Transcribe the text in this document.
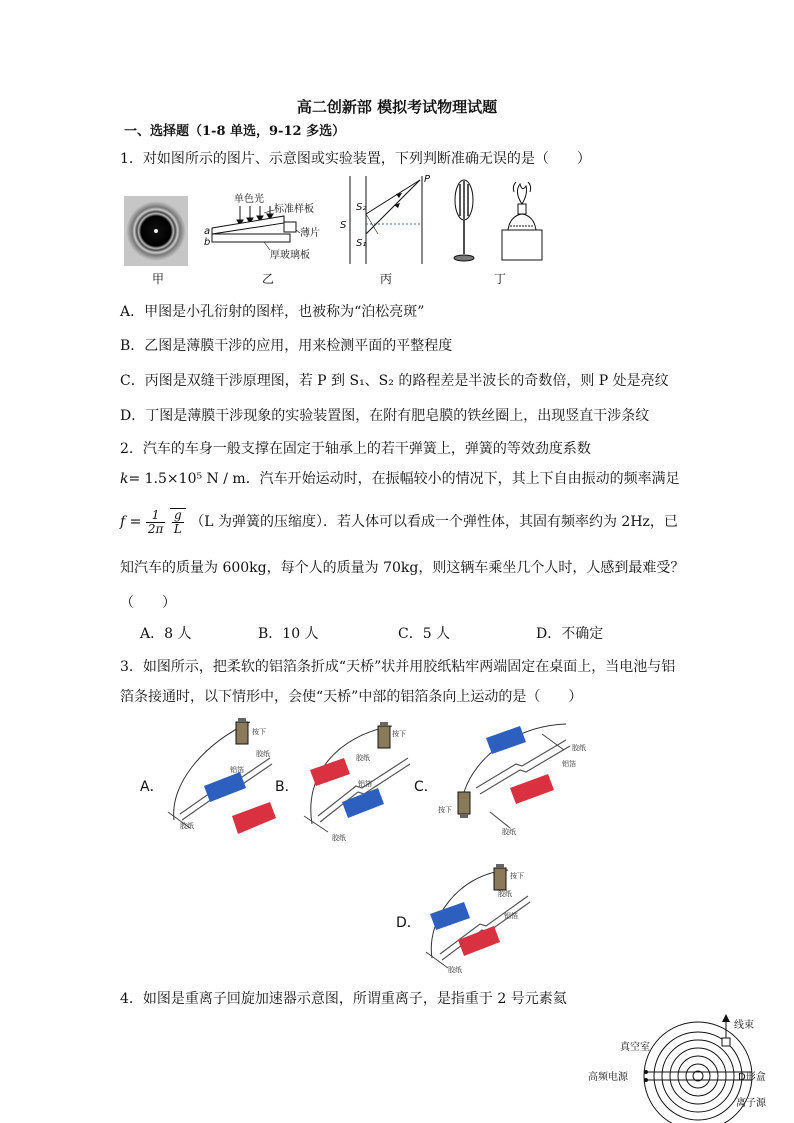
高二创新部 模拟考试物理试题
一、选择题（1-8 单选，9-12 多选）
1．对如图所示的图片、示意图或实验装置，下列判断准确无误的是（　　）
甲
单色光
标准样板
薄片
厚玻璃板
a
b
乙
P
S
S₂
S₁
丙	丁
A．甲图是小孔衍射的图样，也被称为“泊松亮斑”
B．乙图是薄膜干涉的应用，用来检测平面的平整程度
C．丙图是双缝干涉原理图，若 P 到 S₁、S₂ 的路程差是半波长的奇数倍，则 P 处是亮纹
D．丁图是薄膜干涉现象的实验装置图，在附有肥皂膜的铁丝圈上，出现竖直干涉条纹
2．汽车的车身一般支撑在固定于轴承上的若干弹簧上，弹簧的等效劲度系数
k= 1.5×10⁵ N / m．汽车开始运动时，在振幅较小的情况下，其上下自由振动的频率满足
$f = \frac{1}{2\pi}$
$\frac{g}{L} (L$ 为弹簧的压缩度）．若人体可以看成一个弹性体，其固有频率约为 2Hz，已
知汽车的质量为 600kg，每个人的质量为 70kg，则这辆车乘坐几个人时，人感到最难受？
（　　）
A．8 人	B．10 人	C．5 人	D．不确定
3．如图所示，把柔软的铝箔条折成“天桥”状并用胶纸粘牢两端固定在桌面上，当电池与铝
箔条接通时，以下情形中，会使“天桥”中部的铝箔条向上运动的是（　　）
A．
按下
胶纸
铝箔
胶纸
B．
按下
胶纸
铝箔
胶纸
C．
胶纸
铝箔
按下
胶纸
D．
按下
胶纸
铝箔
胶纸
4．如图是重离子回旋加速器示意图，所谓重离子，是指重于 2 号元素氦
线束
真空室
高频电源	D形盒
离子源
